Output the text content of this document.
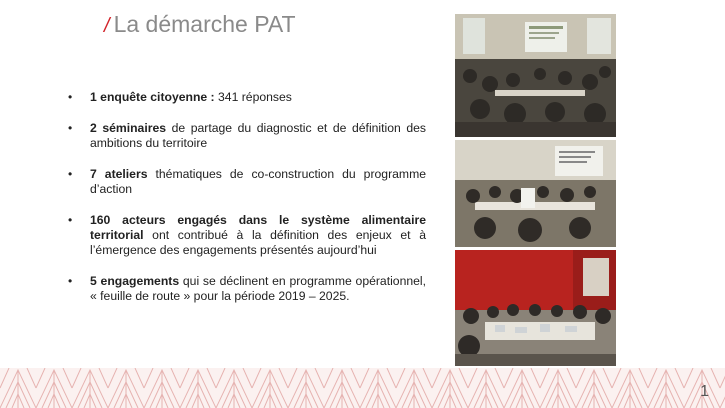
/ La démarche PAT
• 1 enquête citoyenne : 341 réponses
• 2 séminaires de partage du diagnostic et de définition des ambitions du territoire
• 7 ateliers thématiques de co-construction du programme d’action
• 160 acteurs engagés dans le système alimentaire territorial ont contribué à la définition des enjeux et à l’émergence des engagements présentés aujourd’hui
• 5 engagements qui se déclinent en programme opérationnel, « feuille de route » pour la période 2019 – 2025.
1
